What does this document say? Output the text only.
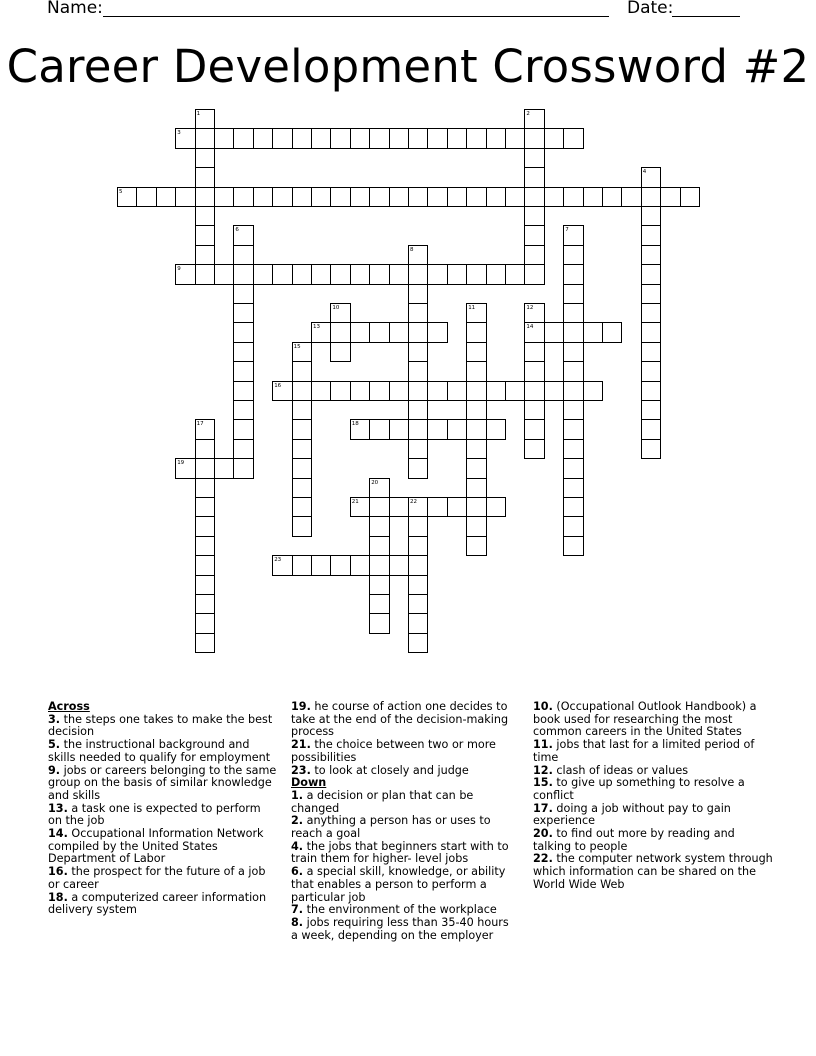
Name:	Date:
Career Development Crossword #2
1	2
3
4
5
6	7
8
9
10	11	12
14
13
15
16
17	18
19
20
21	22
23
Across
3. the steps one takes to make the best decision
5. the instructional background and skills needed to qualify for employment
9. jobs or careers belonging to the same group on the basis of similar knowledge and skills
13. a task one is expected to perform on the job
14. Occupational Information Network compiled by the United States Department of Labor
16. the prospect for the future of a job or career
18. a computerized career information delivery system
19. he course of action one decides to take at the end of the decision-making process
21. the choice between two or more possibilities
23. to look at closely and judge
Down
1. a decision or plan that can be changed
2. anything a person has or uses to reach a goal
4. the jobs that beginners start with to train them for higher- level jobs
6. a special skill, knowledge, or ability that enables a person to perform a particular job
7. the environment of the workplace
8. jobs requiring less than 35-40 hours a week, depending on the employer
10. (Occupational Outlook Handbook) a book used for researching the most common careers in the United States
11. jobs that last for a limited period of time
12. clash of ideas or values
15. to give up something to resolve a conflict
17. doing a job without pay to gain experience
20. to find out more by reading and talking to people
22. the computer network system through which information can be shared on the World Wide Web
